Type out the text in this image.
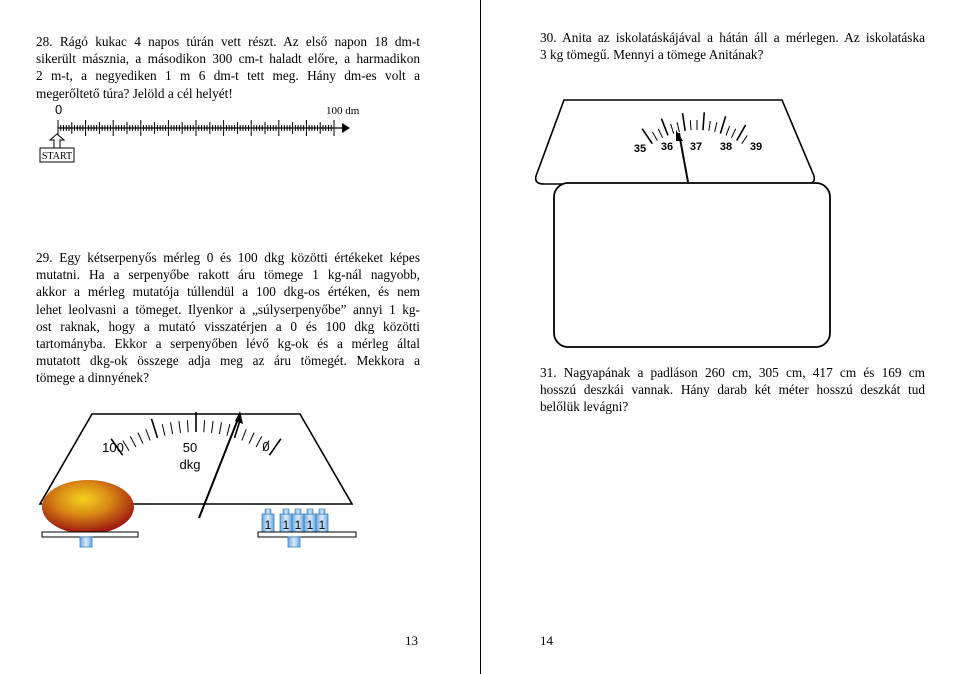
28. Rágó kukac 4 napos túrán vett részt. Az első napon 18 dm-t
sikerült másznia, a másodikon 300 cm-t haladt előre, a harmadikon
2 m-t, a negyediken 1 m 6 dm-t tett meg. Hány dm-es volt a
megerőltető túra? Jelöld a cél helyét!
29. Egy kétserpenyős mérleg 0 és 100 dkg közötti értékeket képes
mutatni. Ha a serpenyőbe rakott áru tömege 1 kg-nál nagyobb,
akkor a mérleg mutatója túllendül a 100 dkg-os értéken, és nem
lehet leolvasni a tömeget. Ilyenkor a „súlyserpenyőbe” annyi 1 kg-
ost raknak, hogy a mutató visszatérjen a 0 és 100 dkg közötti
tartományba. Ekkor a serpenyőben lévő kg-ok és a mérleg által
mutatott dkg-ok összege adja meg az áru tömegét. Mekkora a
tömege a dinnyének?
30. Anita az iskolatáskájával a hátán áll a mérlegen. Az iskolatáska
3 kg tömegű. Mennyi a tömege Anitának?
31. Nagyapának a padláson 260 cm, 305 cm, 417 cm és 169 cm
hosszú deszkái vannak. Hány darab két méter hosszú deszkát tud
belőlük levágni?
0	100 dm
START
100	50	0
dkg
1 1 1 1 1
35 36 37 38 39
13	14
